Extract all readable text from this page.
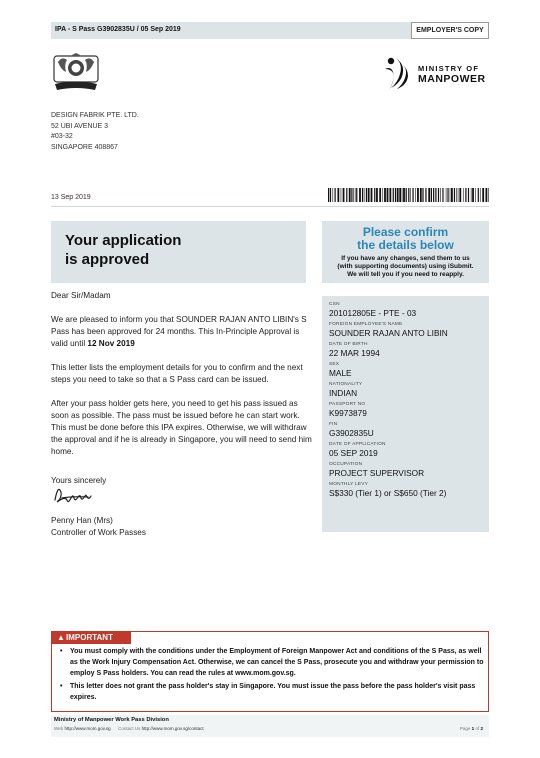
IPA - S Pass G3902835U / 05 Sep 2019	EMPLOYER'S COPY
MINISTRY OF
MANPOWER
DESIGN FABRIK PTE. LTD.
52 UBI AVENUE 3
#03-32
SINGAPORE 408867
13 Sep 2019
Your application
is approved
Please confirm
the details below
If you have any changes, send them to us
(with supporting documents) using iSubmit.
We will tell you if you need to reapply.

Dear Sir/Madam

We are pleased to inform you that SOUNDER RAJAN ANTO LIBIN's S Pass has been approved for 24 months. This In-Principle Approval is valid until 12 Nov 2019

This letter lists the employment details for you to confirm and the next steps you need to take so that a S Pass card can be issued.

After your pass holder gets here, you need to get his pass issued as soon as possible. The pass must be issued before he can start work. This must be done before this IPA expires. Otherwise, we will withdraw the approval and if he is already in Singapore, you will need to send him home.

Yours sincerely
Penny Han (Mrs)
Controller of Work Passes
CSN
201012805E - PTE - 03
FOREIGN EMPLOYEE'S NAME
SOUNDER RAJAN ANTO LIBIN
DATE OF BIRTH
22 MAR 1994
SEX
MALE
NATIONALITY
INDIAN
PASSPORT NO
K9973879
FIN
G3902835U
DATE OF APPLICATION
05 SEP 2019
OCCUPATION
PROJECT SUPERVISOR
MONTHLY LEVY
S$330 (Tier 1) or S$650 (Tier 2)
▲IMPORTANT
• You must comply with the conditions under the Employment of Foreign Manpower Act and conditions of the S Pass, as well as the Work Injury Compensation Act. Otherwise, we can cancel the S Pass, prosecute you and withdraw your permission to employ S Pass holders. You can read the rules at www.mom.gov.sg.
• This letter does not grant the pass holder's stay in Singapore. You must issue the pass before the pass holder's visit pass expires.
Ministry of Manpower Work Pass Division
Web http://www.mom.gov.sg Contact Us http://www.mom.gov.sg/contact	Page 1 of 2
